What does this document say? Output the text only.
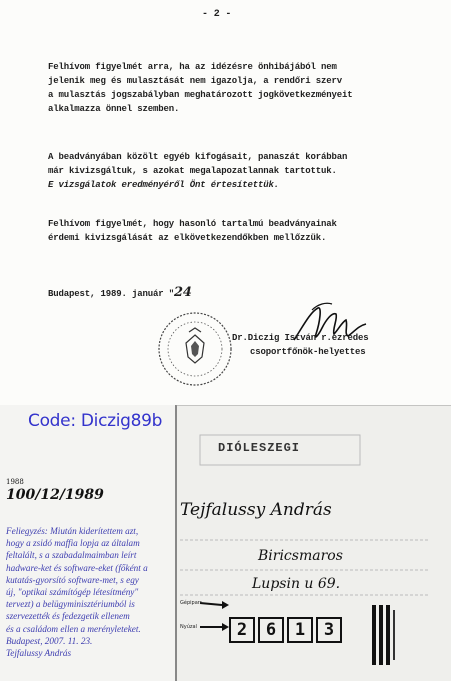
- 2 -
Felhívom figyelmét arra, ha az idézésre önhibájából nem
jelenik meg és mulasztását nem igazolja, a rendőri szerv
a mulasztás jogszabályban meghatározott jogkövetkezményeit
alkalmazza önnel szemben.
A beadványában közölt egyéb kifogásait, panaszát korábban
már kivizsgáltuk, s azokat megalapozatlannak tartottuk.
E vizsgálatok eredményéről Önt értesítettük.
Felhívom figyelmét, hogy hasonló tartalmú beadványainak
érdemi kivizsgálását az elkövetkezendőkben mellőzzük.
Budapest, 1989. január "24
Dr.Diczig István r.ezredes
csoportfőnök-helyettes
Code: Diczig89b
DIÓLESZEGI
1988
100/12/1989
Tejfalussy András
Biricsmaros
Lupsin u 69.
Gépiparr
Nyúzal	2	6	1	3
Feliegyzés: Miután kiderítettem azt,
hogy a zsidó maffia lopja az általam
feltalált, s a szabadalmaimban leírt
hadware-ket és software-eket (főként a
kutatás-gyorsító software-met, s egy
új, "optikai számítógép létesítmény"
tervezt) a belügyminisztériumból is
szervezették és fedezgetik ellenem
és a családom ellen a merényleteket.
Budapest, 2007. 11. 23.
Tejfalussy András
